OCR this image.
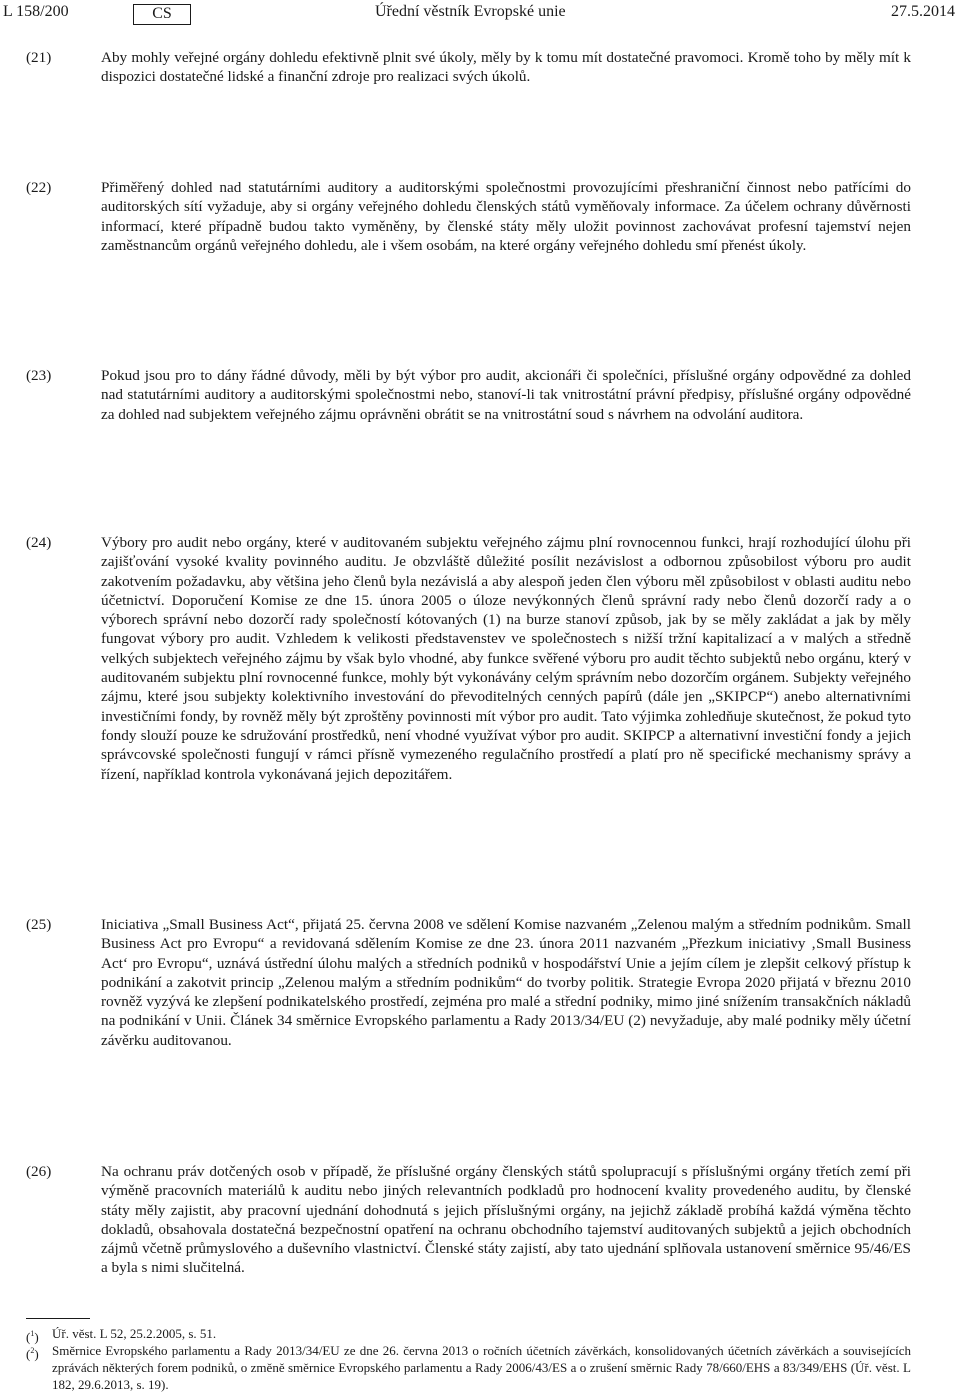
L 158/200	CS	Úřední věstník Evropské unie	27.5.2014
(21)	Aby mohly veřejné orgány dohledu efektivně plnit své úkoly, měly by k tomu mít dostatečné pravomoci. Kromě toho by měly mít k dispozici dostatečné lidské a finanční zdroje pro realizaci svých úkolů.

(22)	Přiměřený dohled nad statutárními auditory a auditorskými společnostmi provozujícími přeshraniční činnost nebo patřícími do auditorských sítí vyžaduje, aby si orgány veřejného dohledu členských států vyměňovaly informace. Za účelem ochrany důvěrnosti informací, které případně budou takto vyměněny, by členské státy měly uložit povinnost zachovávat profesní tajemství nejen zaměstnancům orgánů veřejného dohledu, ale i všem osobám, na které orgány veřejného dohledu smí přenést úkoly.

(23)	Pokud jsou pro to dány řádné důvody, měli by být výbor pro audit, akcionáři či společníci, příslušné orgány odpovědné za dohled nad statutárními auditory a auditorskými společnostmi nebo, stanoví-li tak vnitrostátní právní předpisy, příslušné orgány odpovědné za dohled nad subjektem veřejného zájmu oprávněni obrátit se na vnitrostátní soud s návrhem na odvolání auditora.

(24)	Výbory pro audit nebo orgány, které v auditovaném subjektu veřejného zájmu plní rovnocennou funkci, hrají rozhodující úlohu při zajišťování vysoké kvality povinného auditu. Je obzvláště důležité posílit nezávislost a odbornou způsobilost výboru pro audit zakotvením požadavku, aby většina jeho členů byla nezávislá a aby alespoň jeden člen výboru měl způsobilost v oblasti auditu nebo účetnictví. Doporučení Komise ze dne 15. února 2005 o úloze nevýkonných členů správní rady nebo členů dozorčí rady a o výborech správní nebo dozorčí rady společností kótovaných (1) na burze stanoví způsob, jak by se měly zakládat a jak by měly fungovat výbory pro audit. Vzhledem k velikosti představenstev ve společnostech s nižší tržní kapitalizací a v malých a středně velkých subjektech veřejného zájmu by však bylo vhodné, aby funkce svěřené výboru pro audit těchto subjektů nebo orgánu, který v auditovaném subjektu plní rovnocenné funkce, mohly být vykonávány celým správním nebo dozorčím orgánem. Subjekty veřejného zájmu, které jsou subjekty kolektivního investování do převoditelných cenných papírů (dále jen „SKIPCP“) anebo alternativními investičními fondy, by rovněž měly být zproštěny povinnosti mít výbor pro audit. Tato výjimka zohledňuje skutečnost, že pokud tyto fondy slouží pouze ke sdružování prostředků, není vhodné využívat výbor pro audit. SKIPCP a alternativní investiční fondy a jejich správcovské společnosti fungují v rámci přísně vymezeného regulačního prostředí a platí pro ně specifické mechanismy správy a řízení, například kontrola vykonávaná jejich depozitářem.

(25)	Iniciativa „Small Business Act“, přijatá 25. června 2008 ve sdělení Komise nazvaném „Zelenou malým a středním podnikům. Small Business Act pro Evropu“ a revidovaná sdělením Komise ze dne 23. února 2011 nazvaném „Přezkum iniciativy ‚Small Business Act‘ pro Evropu“, uznává ústřední úlohu malých a středních podniků v hospodářství Unie a jejím cílem je zlepšit celkový přístup k podnikání a zakotvit princip „Zelenou malým a středním podnikům“ do tvorby politik. Strategie Evropa 2020 přijatá v březnu 2010 rovněž vyzývá ke zlepšení podnikatelského prostředí, zejména pro malé a střední podniky, mimo jiné snížením transakčních nákladů na podnikání v Unii. Článek 34 směrnice Evropského parlamentu a Rady 2013/34/EU (2) nevyžaduje, aby malé podniky měly účetní závěrku auditovanou.

(26)	Na ochranu práv dotčených osob v případě, že příslušné orgány členských států spolupracují s příslušnými orgány třetích zemí při výměně pracovních materiálů k auditu nebo jiných relevantních podkladů pro hodnocení kvality provedeného auditu, by členské státy měly zajistit, aby pracovní ujednání dohodnutá s jejich příslušnými orgány, na jejichž základě probíhá každá výměna těchto dokladů, obsahovala dostatečná bezpečnostní opatření na ochranu obchodního tajemství auditovaných subjektů a jejich obchodních zájmů včetně průmyslového a duševního vlastnictví. Členské státy zajistí, aby tato ujednání splňovala ustanovení směrnice 95/46/ES a byla s nimi slučitelná.

($^1$) Úř. věst. L 52, 25.2.2005, s. 51.

($^2$) Směrnice Evropského parlamentu a Rady 2013/34/EU ze dne 26. června 2013 o ročních účetních závěrkách, konsolidovaných účetních závěrkách a souvisejících zprávách některých forem podniků, o změně směrnice Evropského parlamentu a Rady 2006/43/ES a o zrušení směrnic Rady 78/660/EHS a 83/349/EHS (Úř. věst. L 182, 29.6.2013, s. 19).
